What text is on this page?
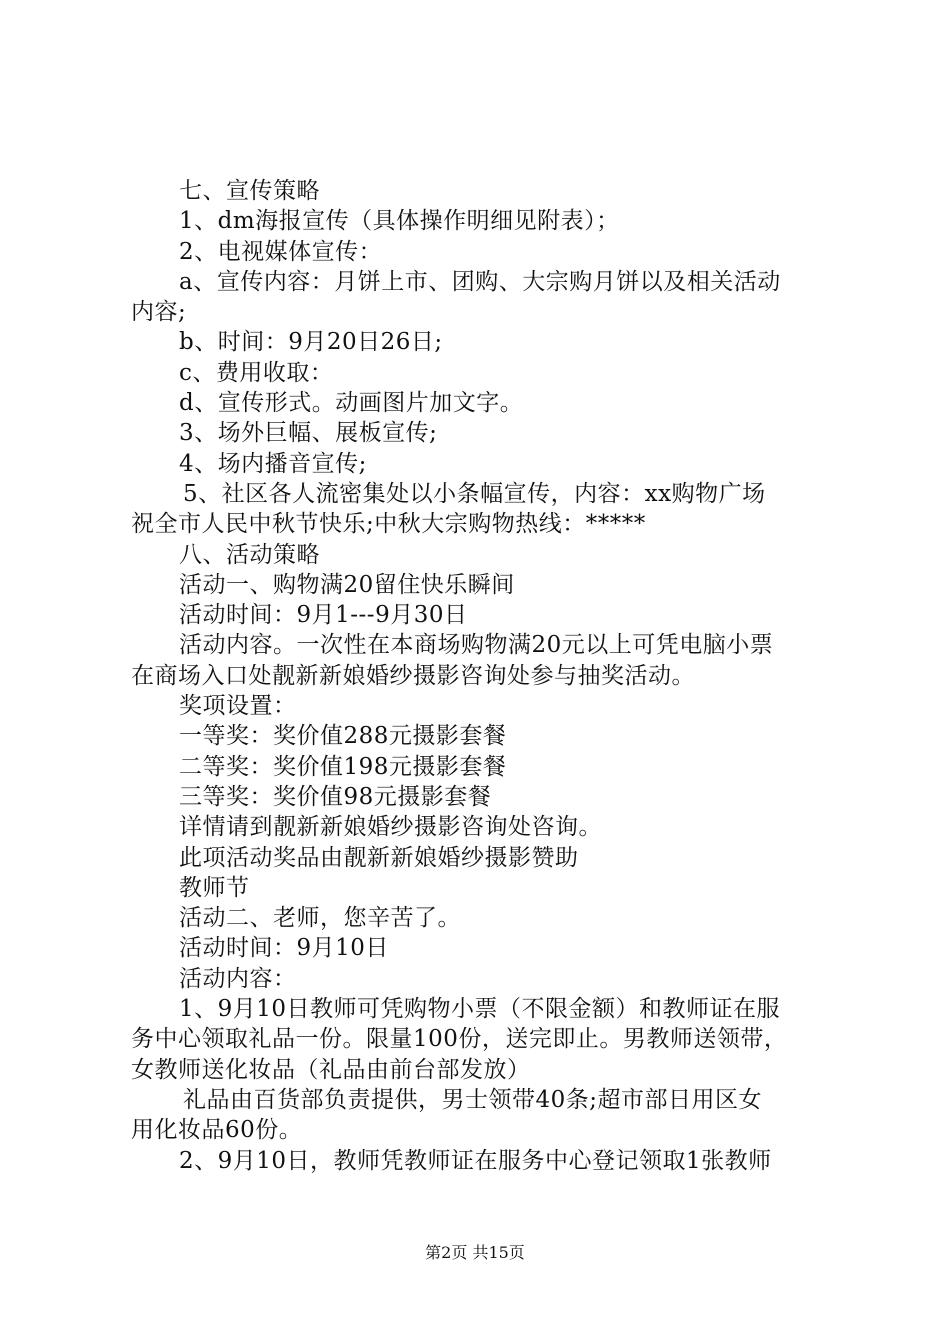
七、宣传策略
1、dm海报宣传（具体操作明细见附表）；
2、电视媒体宣传：
a、宣传内容：月饼上市、团购、大宗购月饼以及相关活动
内容;
b、时间：9月20日26日;
c、费用收取：
d、宣传形式。动画图片加文字。
3、场外巨幅、展板宣传;
4、场内播音宣传;
5、社区各人流密集处以小条幅宣传，内容：xx购物广场
祝全市人民中秋节快乐;中秋大宗购物热线：*****
八、活动策略
活动一、购物满20留住快乐瞬间
活动时间：9月1---9月30日
活动内容。一次性在本商场购物满20元以上可凭电脑小票
在商场入口处靓新新娘婚纱摄影咨询处参与抽奖活动。
奖项设置：
一等奖：奖价值288元摄影套餐
二等奖：奖价值198元摄影套餐
三等奖：奖价值98元摄影套餐
详情请到靓新新娘婚纱摄影咨询处咨询。
此项活动奖品由靓新新娘婚纱摄影赞助
教师节
活动二、老师，您辛苦了。
活动时间：9月10日
活动内容：
1、9月10日教师可凭购物小票（不限金额）和教师证在服
务中心领取礼品一份。限量100份，送完即止。男教师送领带，
女教师送化妆品（礼品由前台部发放）
礼品由百货部负责提供，男士领带40条;超市部日用区女
用化妆品60份。
2、9月10日，教师凭教师证在服务中心登记领取1张教师
第2页 共15页
